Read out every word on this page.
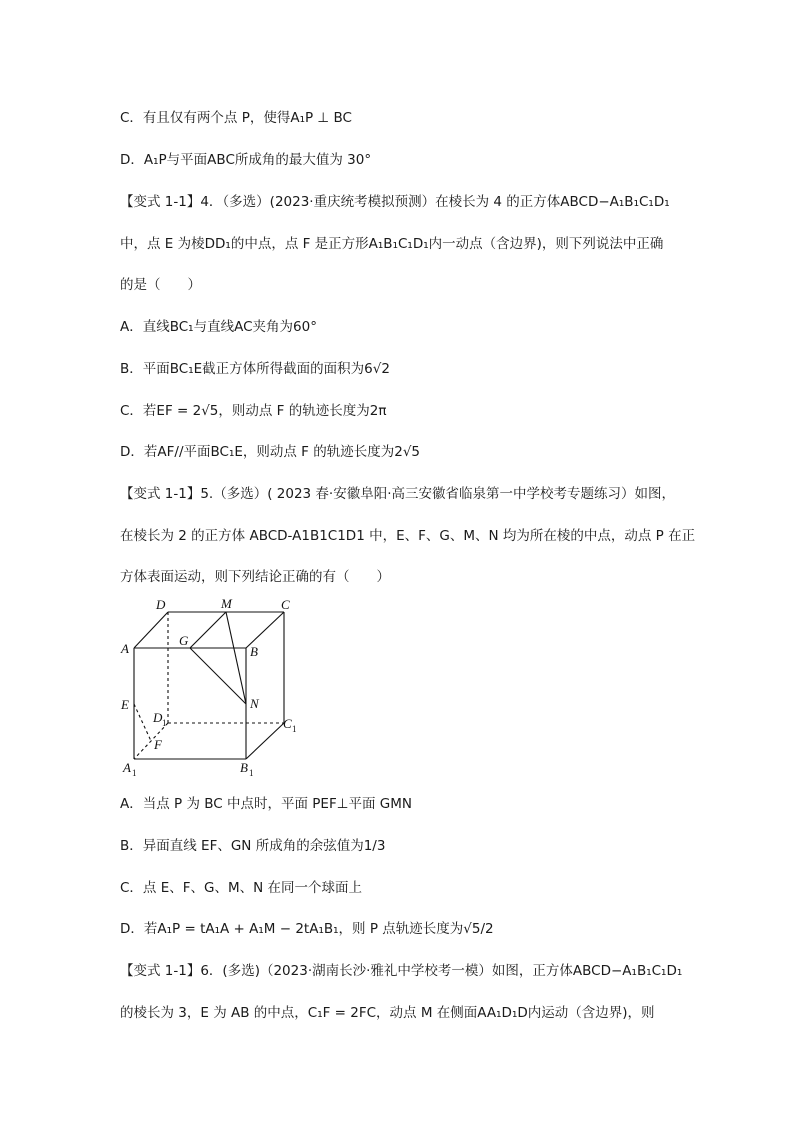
C．有且仅有两个点 P，使得A₁P ⊥ BC
D．A₁P与平面ABC所成角的最大值为 30°
【变式 1-1】4．（多选）(2023·重庆统考模拟预测）在棱长为 4 的正方体ABCD−A₁B₁C₁D₁
中，点 E 为棱DD₁的中点，点 F 是正方形A₁B₁C₁D₁内一动点（含边界)，则下列说法中正确
的是（　　）
A．直线BC₁与直线AC夹角为60°
B．平面BC₁E截正方体所得截面的面积为6√2
C．若EF = 2√5，则动点 F 的轨迹长度为2π
D．若AF//平面BC₁E，则动点 F 的轨迹长度为2√5
【变式 1-1】5.（多选）( 2023 春·安徽阜阳·高三安徽省临泉第一中学校考专题练习）如图，
在棱长为 2 的正方体 ABCD-A1B1C1D1 中，E、F、G、M、N 均为所在棱的中点，动点 P 在正
方体表面运动，则下列结论正确的有（　　）
D	M	C
A
G
B
E
D 1
N
C 1
F
A 1	B 1
A．当点 P 为 BC 中点时，平面 PEF⊥平面 GMN
B．异面直线 EF、GN 所成角的余弦值为1/3
C．点 E、F、G、M、N 在同一个球面上
D．若A₁P = tA₁A + A₁M − 2tA₁B₁，则 P 点轨迹长度为√5/2
【变式 1-1】6．(多选)（2023·湖南长沙·雅礼中学校考一模）如图，正方体ABCD−A₁B₁C₁D₁
的棱长为 3，E 为 AB 的中点，C₁F = 2FC，动点 M 在侧面AA₁D₁D内运动（含边界)，则
